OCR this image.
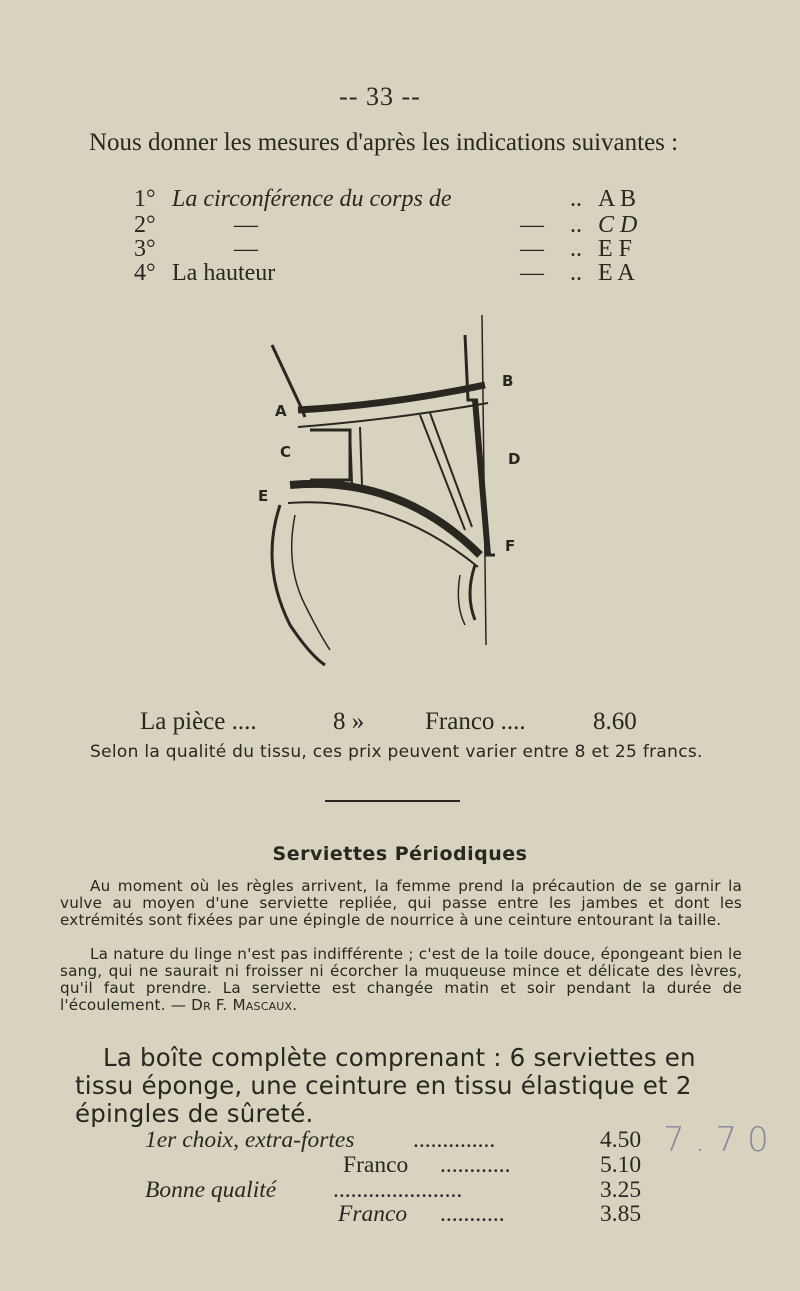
-- 33 --
Nous donner les mesures d'après les indications suivantes :
1° La circonférence du corps de	.. A B
2°	—	— .. C D
3°	—	— .. E F
4° La hauteur	— .. E A
A
B
C	D
E
F
La pièce ....	8 » Franco ....	8.60
Selon la qualité du tissu, ces prix peuvent varier entre 8 et 25 francs.
Serviettes Périodiques
Au moment où les règles arrivent, la femme prend la précaution de se garnir la vulve au moyen d'une serviette repliée, qui passe entre les jambes et dont les extrémités sont fixées par une épingle de nourrice à une ceinture entourant la taille.
La nature du linge n'est pas indifférente ; c'est de la toile douce, épongeant bien le sang, qui ne saurait ni froisser ni écorcher la muqueuse mince et délicate des lèvres, qu'il faut prendre. La serviette est changée matin et soir pendant la durée de l'écoulement. — Dr F. Mascaux.
La boîte complète comprenant : 6 serviettes en tissu éponge, une ceinture en tissu élastique et 2 épingles de sûreté.
1er choix, extra-fortes ..............	4.50
Franco ............	5.10
Bonne qualité ......................	3.25
Franco ...........	3.85
7.70
